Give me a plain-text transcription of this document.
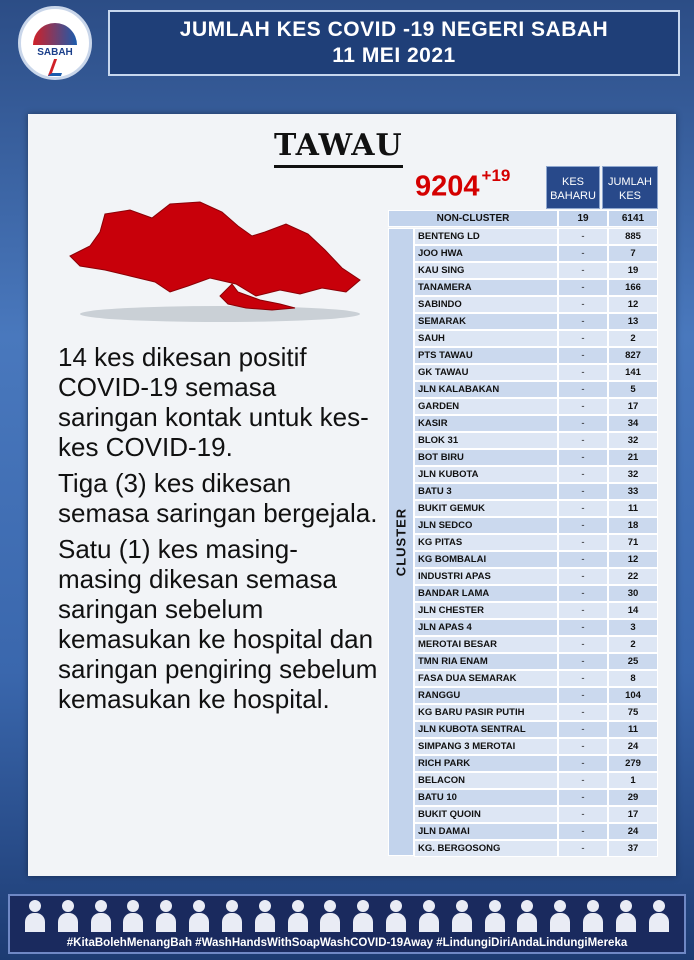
SABAH
JUMLAH KES COVID -19 NEGERI SABAH
11 MEI 2021
TAWAU
9204 $^{+19}$

14 kes dikesan positif COVID-19 semasa saringan kontak untuk kes-kes COVID-19.

Tiga (3) kes dikesan semasa saringan bergejala.

Satu (1) kes masing-masing dikesan semasa saringan sebelum kemasukan ke hospital dan saringan pengiring sebelum kemasukan ke hospital.

KES
BAHARU
JUMLAH
KES
NON-CLUSTER	19	6141
CLUSTER
BENTENG LD	-	885
JOO HWA	-	7
KAU SING	-	19
TANAMERA	-	166
SABINDO	-	12
SEMARAK	-	13
SAUH	-	2
PTS TAWAU	-	827
GK TAWAU	-	141
JLN KALABAKAN	-	5
GARDEN	-	17
KASIR	-	34
BLOK 31	-	32
BOT BIRU	-	21
JLN KUBOTA	-	32
BATU 3	-	33
BUKIT GEMUK	-	11
JLN SEDCO	-	18
KG PITAS	-	71
KG BOMBALAI	-	12
INDUSTRI APAS	-	22
BANDAR LAMA	-	30
JLN CHESTER	-	14
JLN APAS 4	-	3
MEROTAI BESAR	-	2
TMN RIA ENAM	-	25
FASA DUA SEMARAK	-	8
RANGGU	-	104
KG BARU PASIR PUTIH	-	75
JLN KUBOTA SENTRAL	-	11
SIMPANG 3 MEROTAI	-	24
RICH PARK	-	279
BELACON	-	1
BATU 10	-	29
BUKIT QUOIN	-	17
JLN DAMAI	-	24
KG. BERGOSONG	-	37
#KitaBolehMenangBah #WashHandsWithSoapWashCOVID-19Away #LindungiDiriAndaLindungiMereka
